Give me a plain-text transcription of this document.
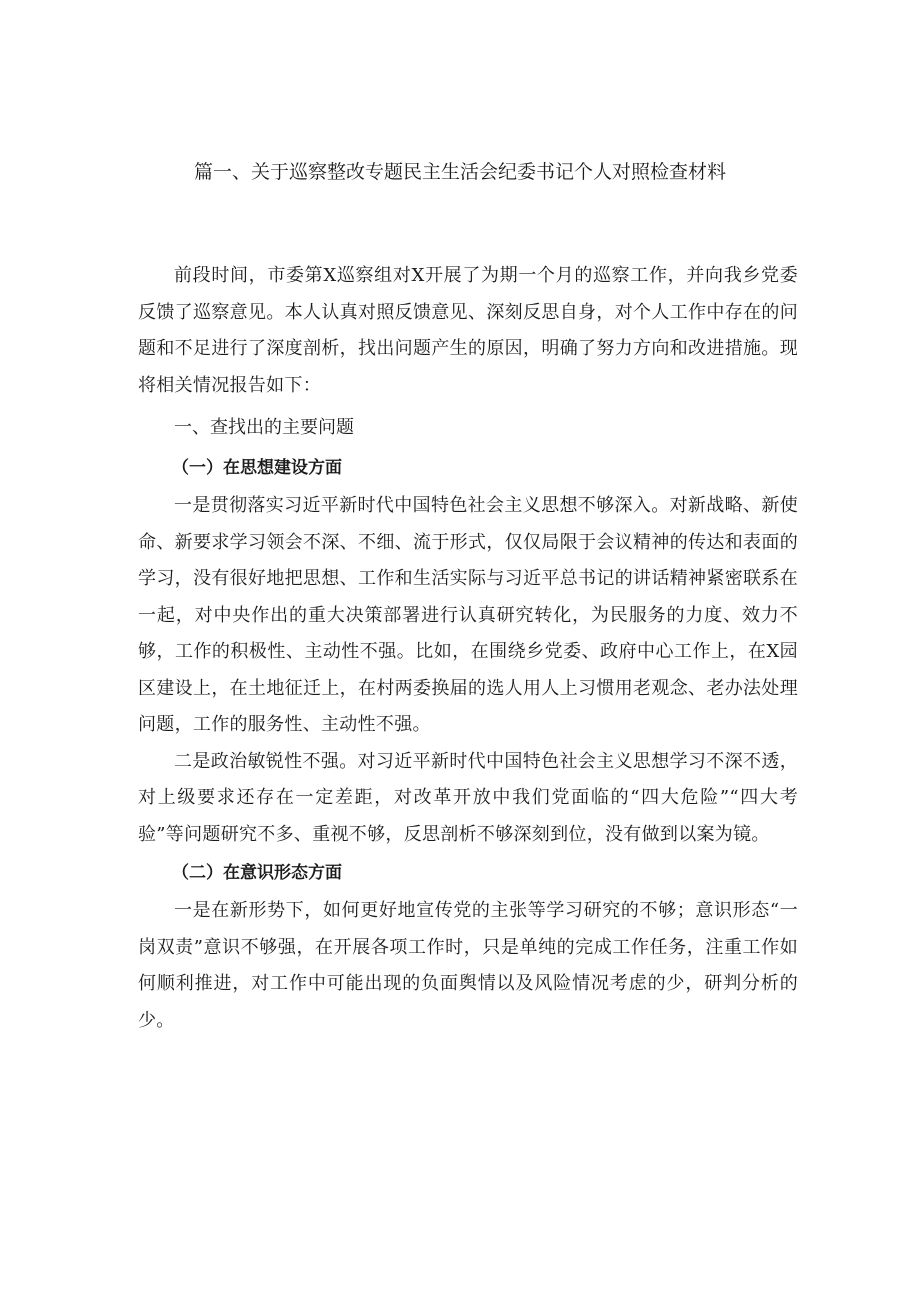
篇一、关于巡察整改专题民主生活会纪委书记个人对照检查材料

前段时间，市委第X巡察组对X开展了为期一个月的巡察工作，并向我乡党委反馈了巡察意见。本人认真对照反馈意见、深刻反思自身，对个人工作中存在的问题和不足进行了深度剖析，找出问题产生的原因，明确了努力方向和改进措施。现将相关情况报告如下：

一、查找出的主要问题
（一）在思想建设方面

一是贯彻落实习近平新时代中国特色社会主义思想不够深入。对新战略、新使命、新要求学习领会不深、不细、流于形式，仅仅局限于会议精神的传达和表面的学习，没有很好地把思想、工作和生活实际与习近平总书记的讲话精神紧密联系在一起，对中央作出的重大决策部署进行认真研究转化，为民服务的力度、效力不够，工作的积极性、主动性不强。比如，在围绕乡党委、政府中心工作上，在X园区建设上，在土地征迁上，在村两委换届的选人用人上习惯用老观念、老办法处理问题，工作的服务性、主动性不强。

二是政治敏锐性不强。对习近平新时代中国特色社会主义思想学习不深不透，对上级要求还存在一定差距，对改革开放中我们党面临的“四大危险”“四大考验”等问题研究不多、重视不够，反思剖析不够深刻到位，没有做到以案为镜。

（二）在意识形态方面

一是在新形势下，如何更好地宣传党的主张等学习研究的不够；意识形态“一岗双责”意识不够强，在开展各项工作时，只是单纯的完成工作任务，注重工作如何顺利推进，对工作中可能出现的负面舆情以及风险情况考虑的少，研判分析的少。
